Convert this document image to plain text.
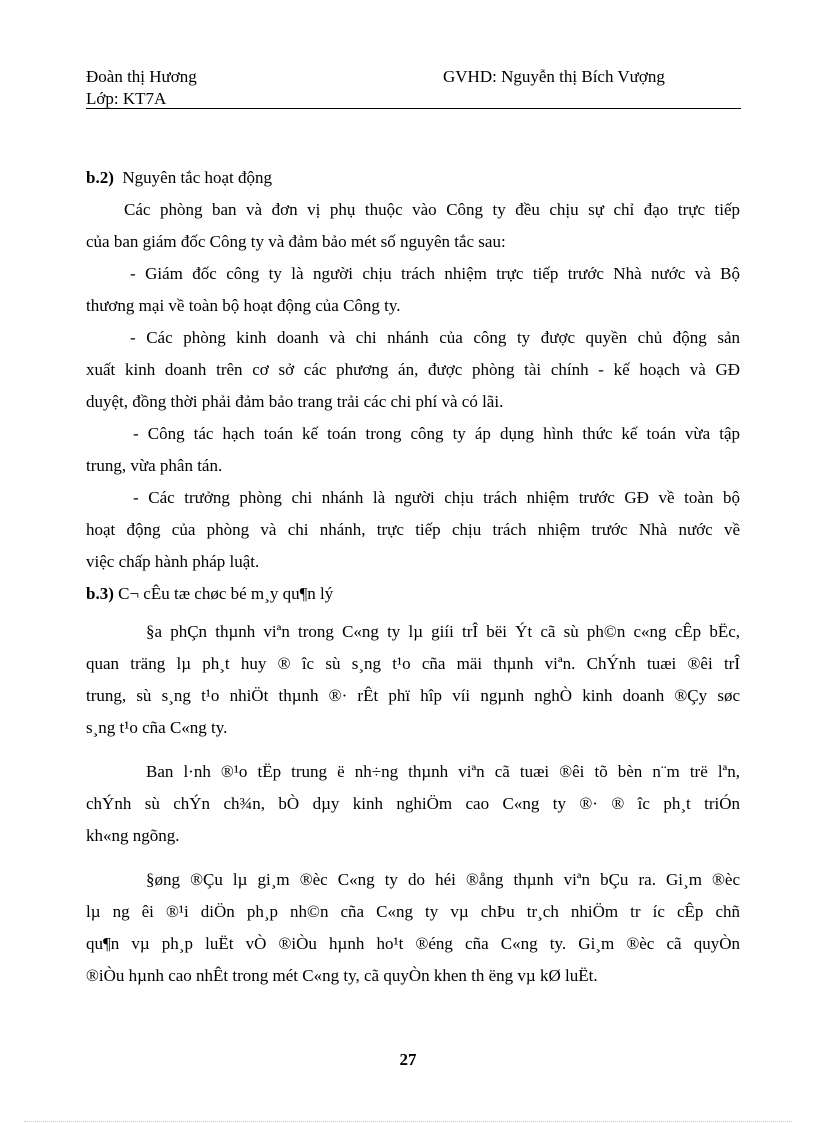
Đoàn thị Hương	GVHD: Nguyễn thị Bích Vượng
Lớp: KT7A
b.2) Nguyên tắc hoạt động
Các phòng ban và đơn vị phụ thuộc vào Công ty đều chịu sự chỉ đạo trực tiếp
của ban giám đốc Công ty và đảm bảo mét số nguyên tắc sau:
- Giám đốc công ty là người chịu trách nhiệm trực tiếp trước Nhà nước và Bộ
thương mại về toàn bộ hoạt động của Công ty.
- Các phòng kinh doanh và chi nhánh của công ty được quyền chủ động sản
xuất kinh doanh trên cơ sở các phương án, được phòng tài chính - kế hoạch và GĐ
duyệt, đồng thời phải đảm bảo trang trải các chi phí và có lãi.
- Công tác hạch toán kế toán trong công ty áp dụng hình thức kế toán vừa tập
trung, vừa phân tán.
- Các trưởng phòng chi nhánh là người chịu trách nhiệm trước GĐ về toàn bộ
hoạt động của phòng và chi nhánh, trực tiếp chịu trách nhiệm trước Nhà nước về
việc chấp hành pháp luật.
b.3) C¬ cÊu tæ chøc bé m¸y qu¶n lý
§a phÇn thµnh viªn trong C«ng ty lµ giíi trÎ bëi Ýt cã sù ph©n c«ng cÊp bËc,
quan träng lµ ph¸t huy ® îc sù s¸ng t¹o cña mäi thµnh viªn. ChÝnh tuæi ®êi trÎ
trung, sù s¸ng t¹o nhiÖt thµnh ®· rÊt phï hîp víi ngµnh nghÒ kinh doanh ®Çy søc
s¸ng t¹o cña C«ng ty.
Ban l·nh ®¹o tËp trung ë nh÷ng thµnh viªn cã tuæi ®êi tõ bèn n¨m trë lªn,
chÝnh sù chÝn ch¾n, bÒ dµy kinh nghiÖm cao C«ng ty ®· ® îc ph¸t triÓn
kh«ng ngõng.
§øng ®Çu lµ gi¸m ®èc C«ng ty do héi ®ång thµnh viªn bÇu ra. Gi¸m ®èc
lµ ng êi ®¹i diÖn ph¸p nh©n cña C«ng ty vµ chÞu tr¸ch nhiÖm tr íc cÊp chñ
qu¶n vµ ph¸p luËt vÒ ®iÒu hµnh ho¹t ®éng cña C«ng ty. Gi¸m ®èc cã quyÒn
®iÒu hµnh cao nhÊt trong mét C«ng ty, cã quyÒn khen th ëng vµ kØ luËt.
27
